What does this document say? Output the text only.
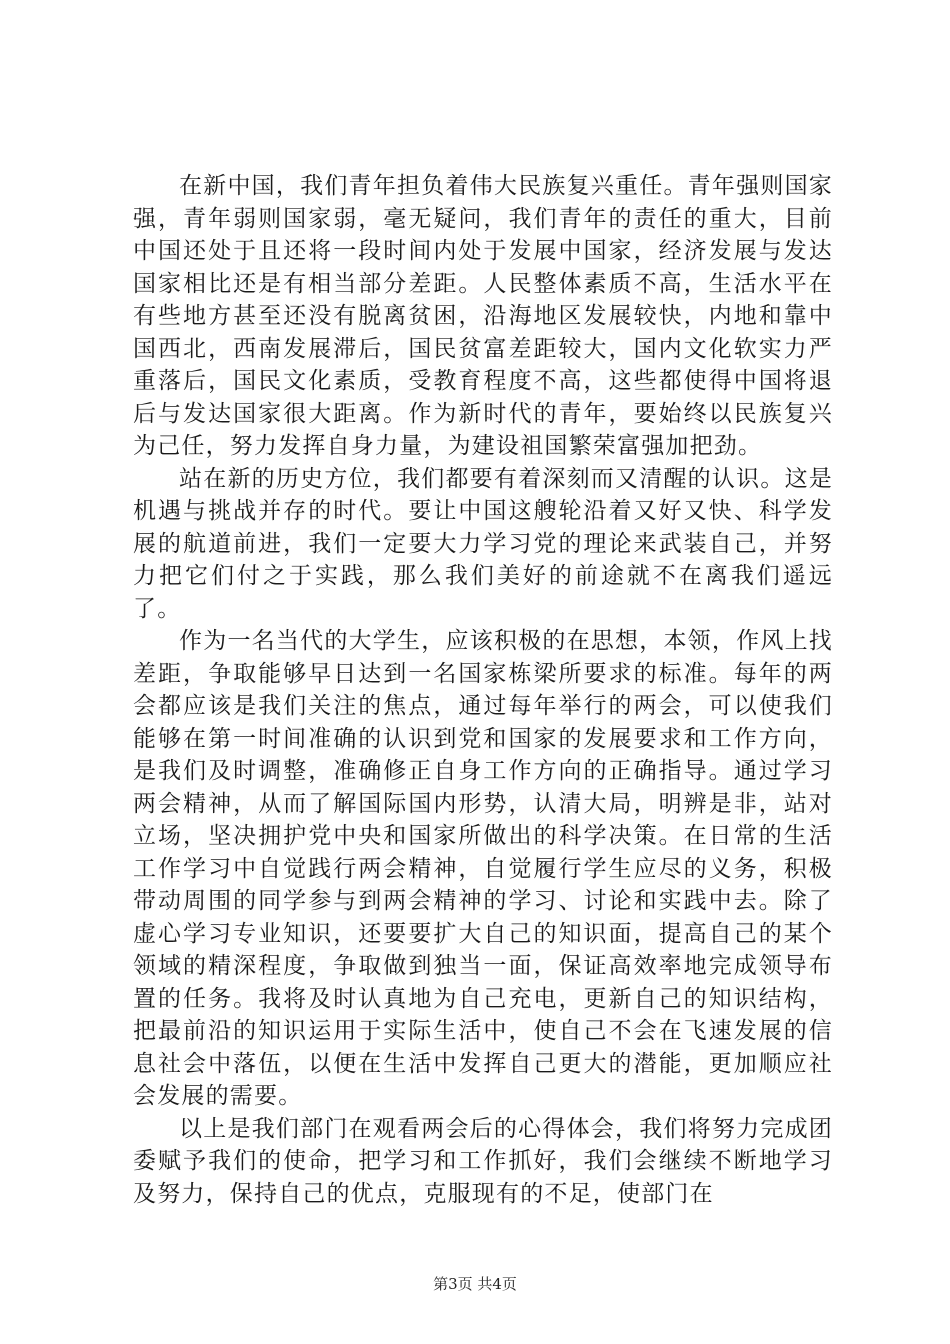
在新中国，我们青年担负着伟大民族复兴重任。青年强则国家强，青年弱则国家弱，毫无疑问，我们青年的责任的重大，目前中国还处于且还将一段时间内处于发展中国家，经济发展与发达国家相比还是有相当部分差距。人民整体素质不高，生活水平在有些地方甚至还没有脱离贫困，沿海地区发展较快，内地和靠中国西北，西南发展滞后，国民贫富差距较大，国内文化软实力严重落后，国民文化素质，受教育程度不高，这些都使得中国将退后与发达国家很大距离。作为新时代的青年，要始终以民族复兴为己任，努力发挥自身力量，为建设祖国繁荣富强加把劲。

站在新的历史方位，我们都要有着深刻而又清醒的认识。这是机遇与挑战并存的时代。要让中国这艘轮沿着又好又快、科学发展的航道前进，我们一定要大力学习党的理论来武装自己，并努力把它们付之于实践，那么我们美好的前途就不在离我们遥远了。

作为一名当代的大学生，应该积极的在思想，本领，作风上找差距，争取能够早日达到一名国家栋梁所要求的标准。每年的两会都应该是我们关注的焦点，通过每年举行的两会，可以使我们能够在第一时间准确的认识到党和国家的发展要求和工作方向，是我们及时调整，准确修正自身工作方向的正确指导。通过学习两会精神，从而了解国际国内形势，认清大局，明辨是非，站对立场，坚决拥护党中央和国家所做出的科学决策。在日常的生活工作学习中自觉践行两会精神，自觉履行学生应尽的义务，积极带动周围的同学参与到两会精神的学习、讨论和实践中去。除了虚心学习专业知识，还要要扩大自己的知识面，提高自己的某个领域的精深程度，争取做到独当一面，保证高效率地完成领导布置的任务。我将及时认真地为自己充电，更新自己的知识结构，把最前沿的知识运用于实际生活中，使自己不会在飞速发展的信息社会中落伍，以便在生活中发挥自己更大的潜能，更加顺应社会发展的需要。

以上是我们部门在观看两会后的心得体会，我们将努力完成团委赋予我们的使命，把学习和工作抓好，我们会继续不断地学习及努力，保持自己的优点，克服现有的不足，使部门在

第3页 共4页
